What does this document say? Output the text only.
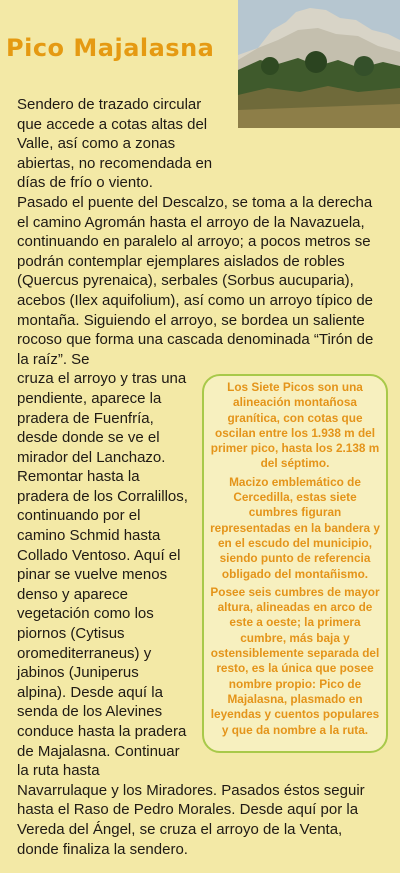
Pico Majalasna

Sendero de trazado circular que accede a cotas altas del Valle, así como a zonas abiertas, no recomendada en días de frío o viento.

Pasado el puente del Descalzo, se toma a la derecha el camino Agromán hasta el arroyo de la Navazuela, continuando en paralelo al arroyo; a pocos metros se podrán contemplar ejemplares aislados de robles (Quercus pyrenaica), serbales (Sorbus aucuparia), acebos (Ilex aquifolium), así como un arroyo típico de montaña. Siguiendo el arroyo, se bordea un saliente rocoso que forma una cascada denominada “Tirón de la raíz”. Se

cruza el arroyo y tras una pendiente, aparece la pradera de Fuenfría, desde donde se ve el mirador del Lanchazo. Remontar hasta la pradera de los Corralillos, continuando por el camino Schmid hasta Collado Ventoso. Aquí el pinar se vuelve menos denso y aparece vegetación como los piornos (Cytisus oromediterraneus) y jabinos (Juniperus alpina). Desde aquí la senda de los Alevines conduce hasta la pradera de Majalasna. Continuar la ruta hasta

Navarrulaque y los Miradores. Pasados éstos seguir hasta el Raso de Pedro Morales. Desde aquí por la Vereda del Ángel, se cruza el arroyo de la Venta, donde finaliza la sendero.

Los Siete Picos son una alineación montañosa granítica, con cotas que oscilan entre los 1.938 m del primer pico, hasta los 2.138 m del séptimo.

Macizo emblemático de Cercedilla, estas siete cumbres figuran representadas en la bandera y en el escudo del municipio, siendo punto de referencia obligado del montañismo.

Posee seis cumbres de mayor altura, alineadas en arco de este a oeste; la primera cumbre, más baja y ostensiblemente separada del resto, es la única que posee nombre propio: Pico de Majalasna, plasmado en leyendas y cuentos populares y que da nombre a la ruta.
